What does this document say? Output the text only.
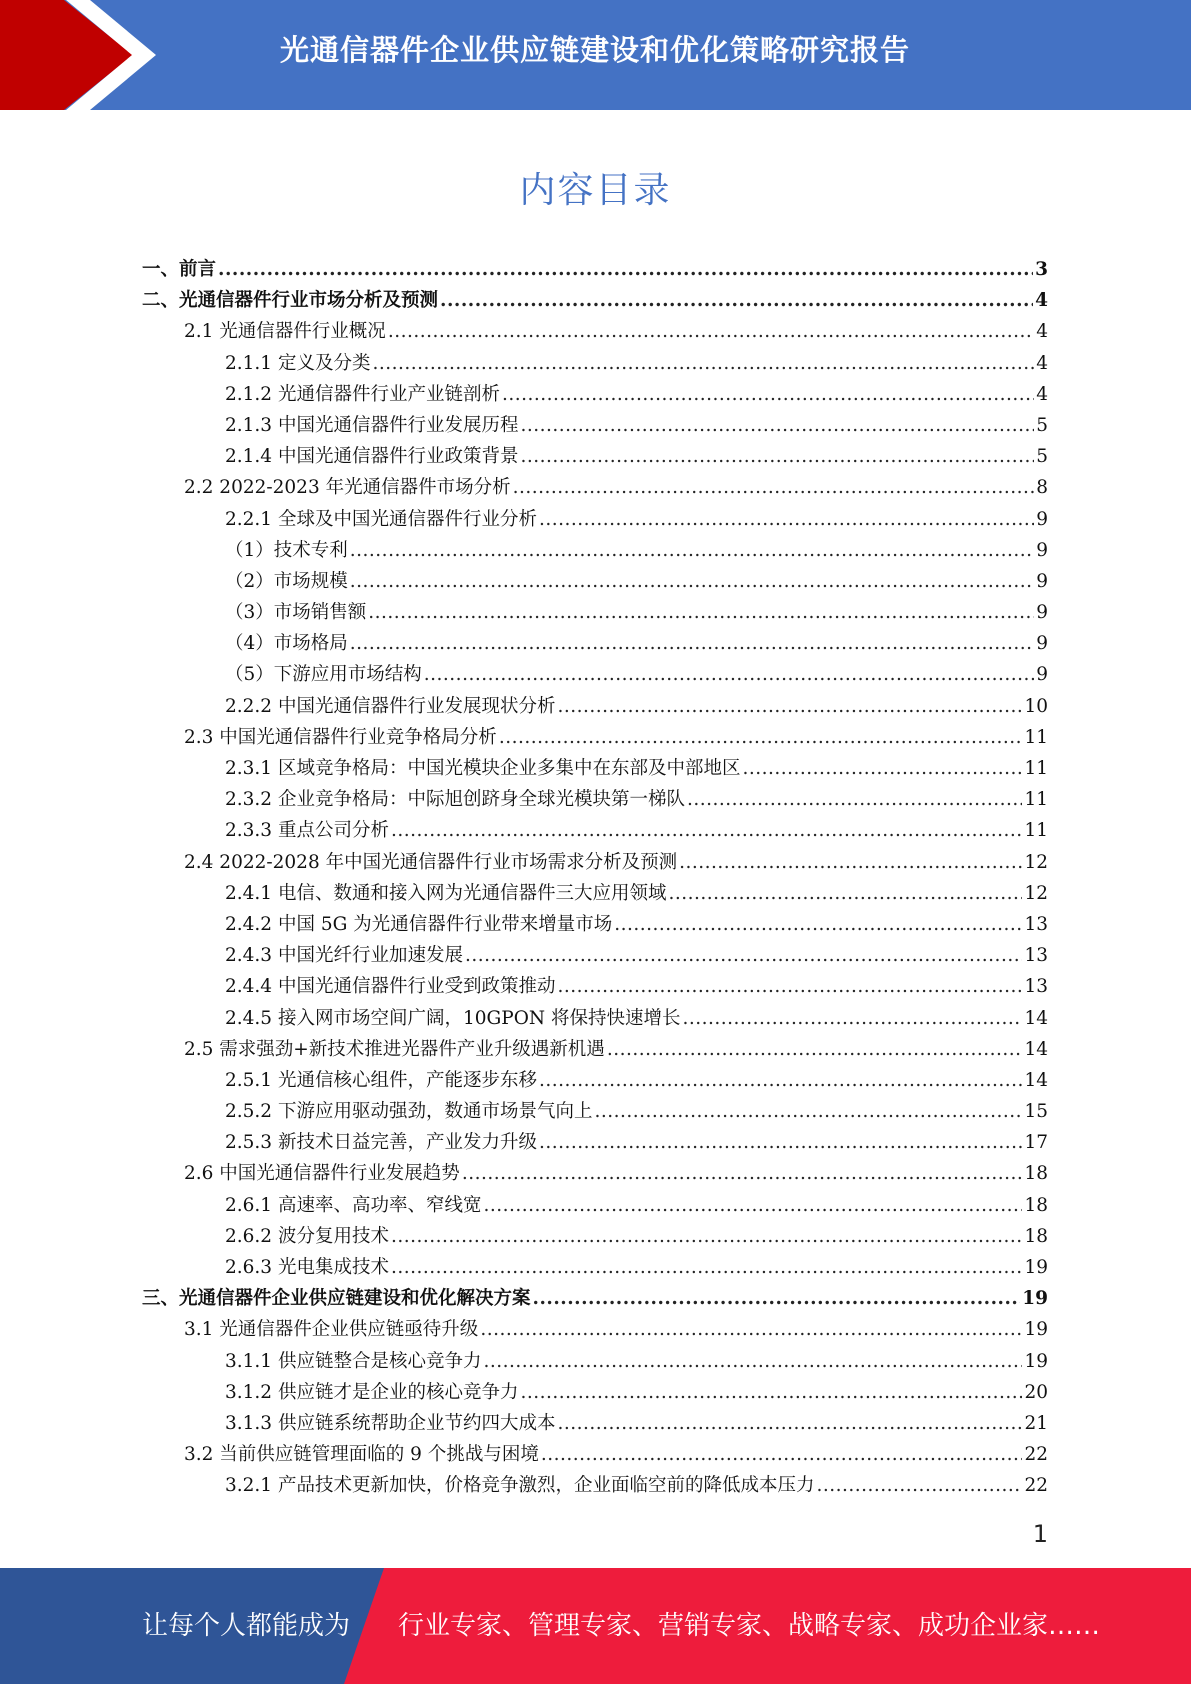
光通信器件企业供应链建设和优化策略研究报告
内容目录
一、前言 .....	3
二、光通信器件行业市场分析及预测 .....	4
2.1 光通信器件行业概况 .....	4
2.1.1 定义及分类 .....	4
2.1.2 光通信器件行业产业链剖析 .....	4
2.1.3 中国光通信器件行业发展历程 .....	5
2.1.4 中国光通信器件行业政策背景 .....	5
2.2 2022-2023 年光通信器件市场分析 .....	8
2.2.1 全球及中国光通信器件行业分析 .....	9
（1）技术专利 .....	9
（2）市场规模 .....	9
（3）市场销售额 .....	9
（4）市场格局 .....	9
（5）下游应用市场结构 .....	9
2.2.2 中国光通信器件行业发展现状分析 .....	10
2.3 中国光通信器件行业竞争格局分析 .....	11
2.3.1 区域竞争格局：中国光模块企业多集中在东部及中部地区 .....	11
2.3.2 企业竞争格局：中际旭创跻身全球光模块第一梯队 .....	11
2.3.3 重点公司分析 .....	11
2.4 2022-2028 年中国光通信器件行业市场需求分析及预测 .....	12
2.4.1 电信、数通和接入网为光通信器件三大应用领域 .....	12
2.4.2 中国 5G 为光通信器件行业带来增量市场 .....	13
2.4.3 中国光纤行业加速发展 .....	13
2.4.4 中国光通信器件行业受到政策推动 .....	13
2.4.5 接入网市场空间广阔，10GPON 将保持快速增长 .....	14
2.5 需求强劲+新技术推进光器件产业升级遇新机遇 .....	14
2.5.1 光通信核心组件，产能逐步东移 .....	14
2.5.2 下游应用驱动强劲，数通市场景气向上 .....	15
2.5.3 新技术日益完善，产业发力升级 .....	17
2.6 中国光通信器件行业发展趋势 .....	18
2.6.1 高速率、高功率、窄线宽 .....	18
2.6.2 波分复用技术 .....	18
2.6.3 光电集成技术 .....	19
三、光通信器件企业供应链建设和优化解决方案 .....	19
3.1 光通信器件企业供应链亟待升级 .....	19
3.1.1 供应链整合是核心竞争力 .....	19
3.1.2 供应链才是企业的核心竞争力 .....	20
3.1.3 供应链系统帮助企业节约四大成本 .....	21
3.2 当前供应链管理面临的 9 个挑战与困境 .....	22
3.2.1 产品技术更新加快，价格竞争激烈，企业面临空前的降低成本压力 .....	22
1
让每个人都能成为 行业专家、管理专家、营销专家、战略专家、成功企业家……
